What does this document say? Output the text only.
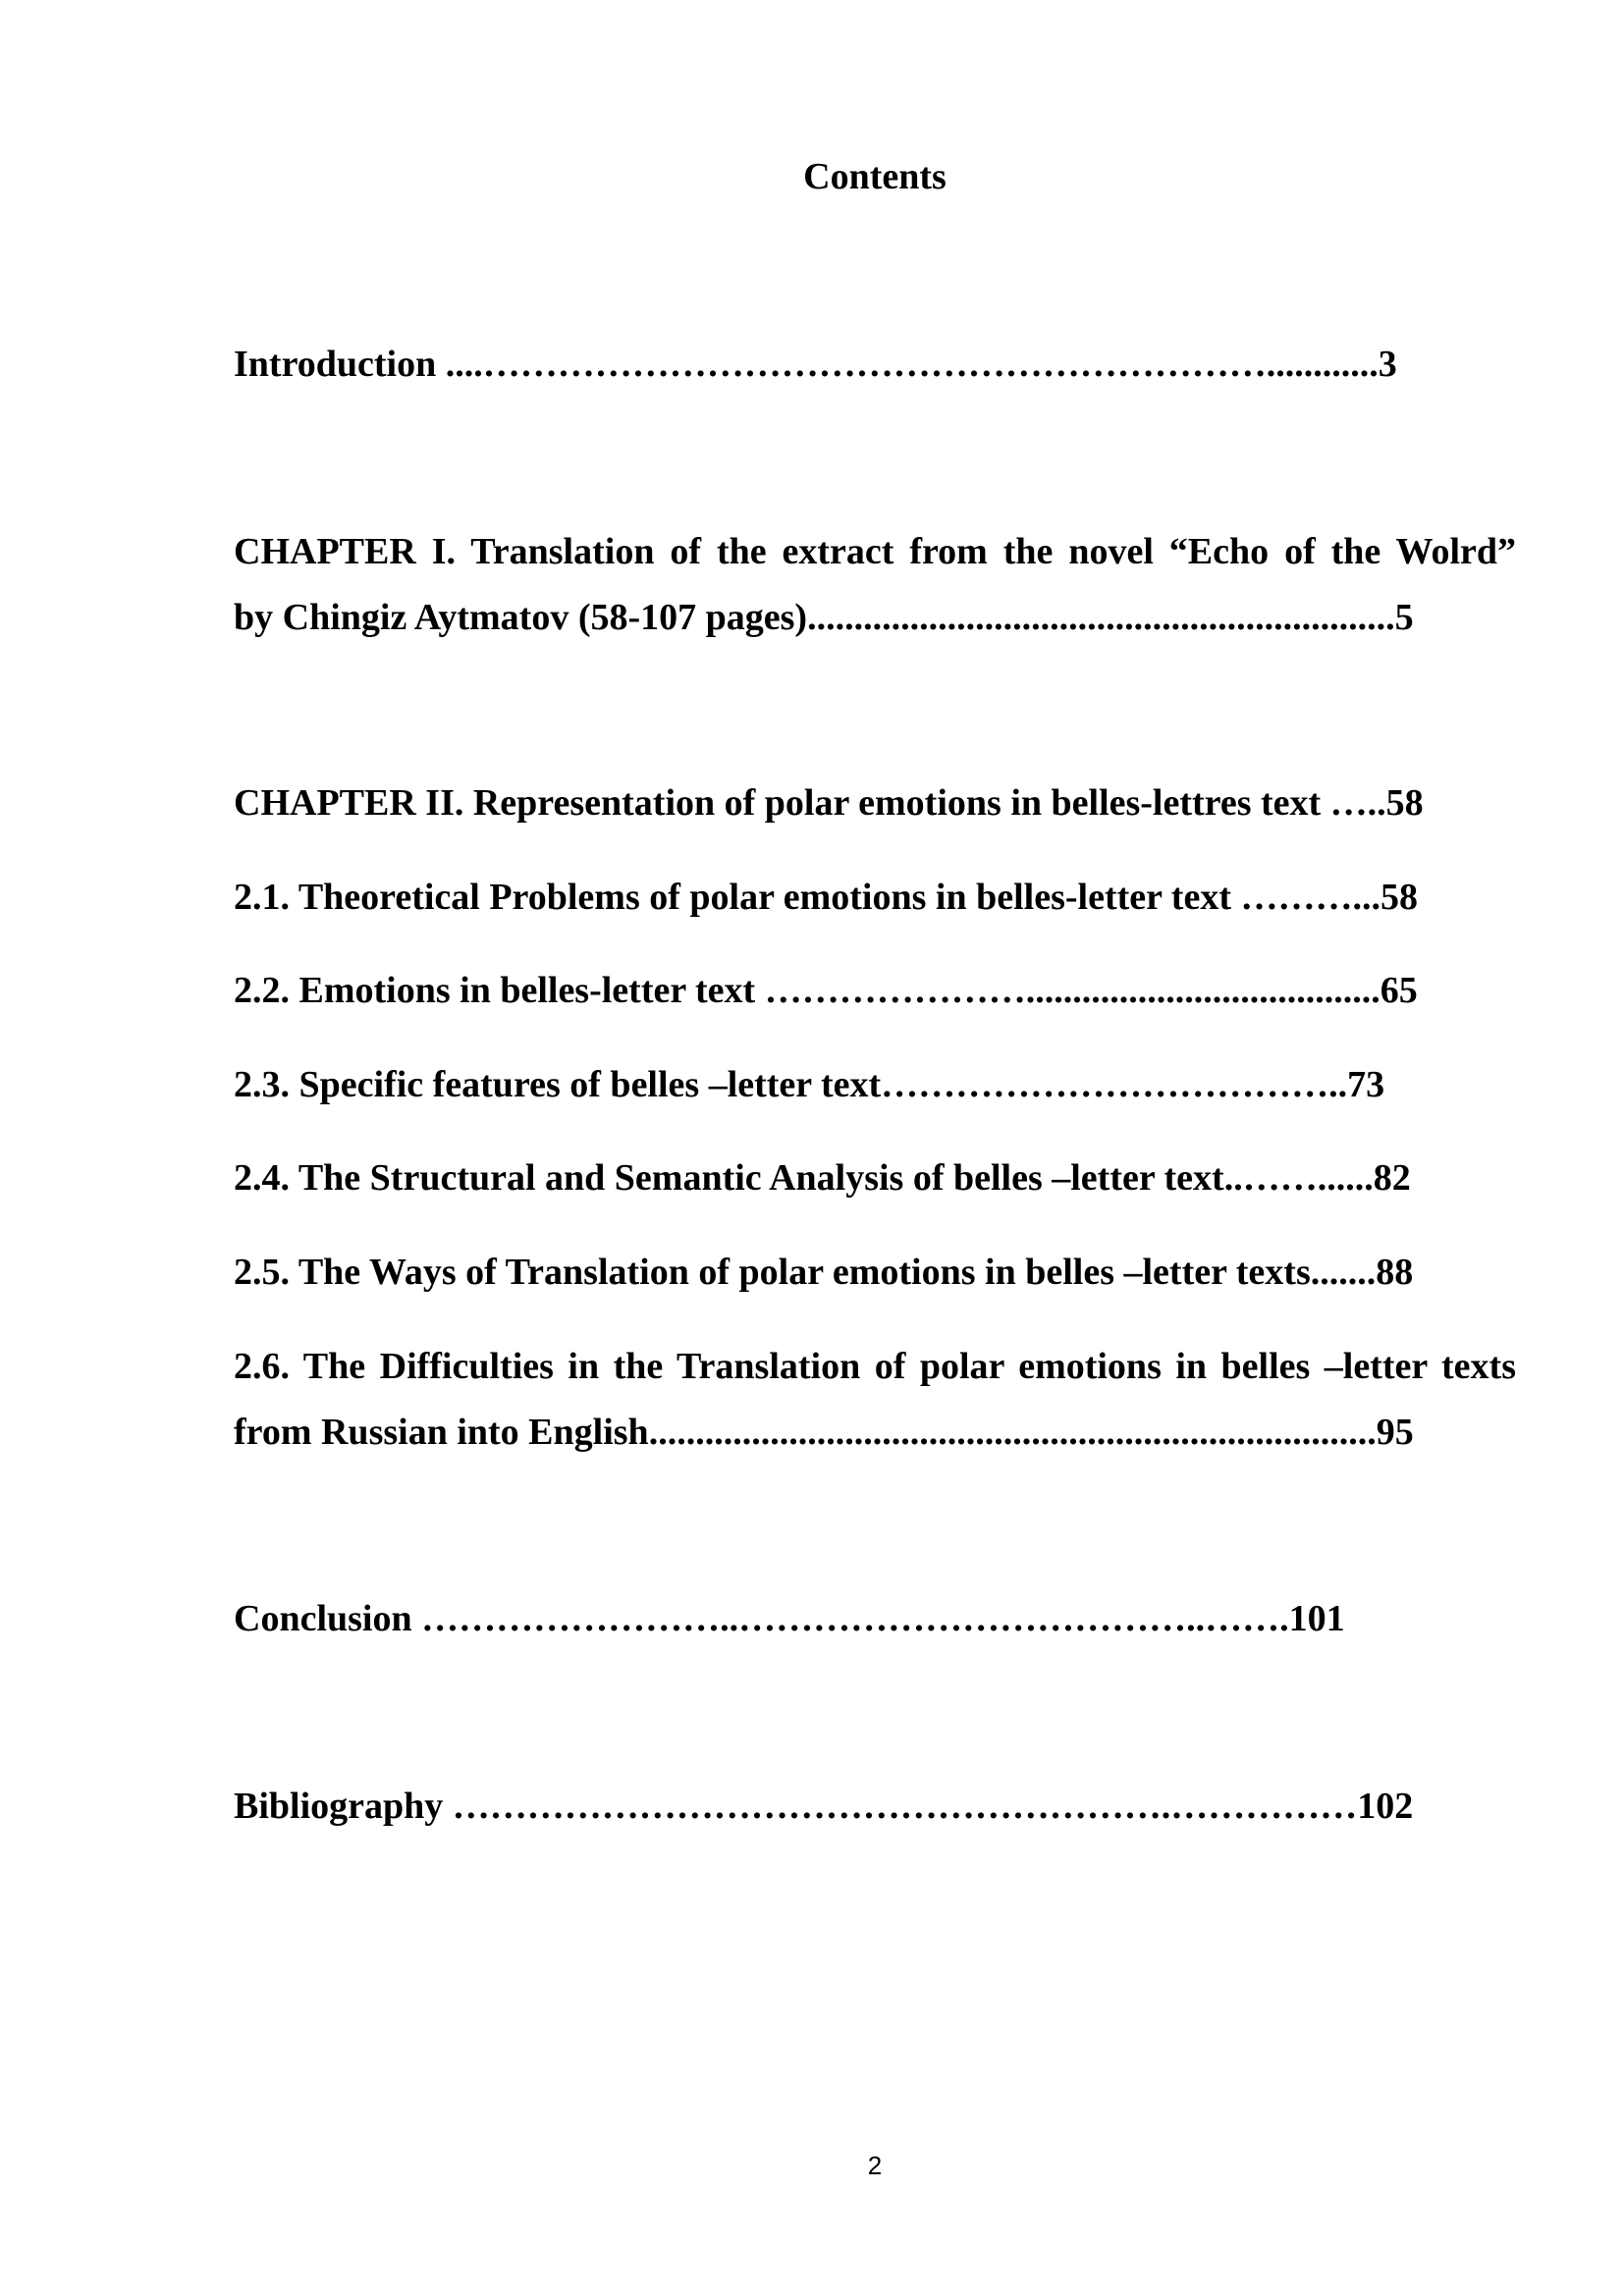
Contents
Introduction ....………………………………………………………............3
CHAPTER I. Translation of the extract from the novel “Echo of the Wolrd”
by Chingiz Aytmatov (58-107 pages)...............................................................5
CHAPTER II. Representation of polar emotions in belles-lettres text …..58
2.1. Theoretical Problems of polar emotions in belles-letter text ………...58
2.2. Emotions in belles-letter text …………………......................................65
2.3. Specific features of belles –letter text………………………………..73
2.4. The Structural and Semantic Analysis of belles –letter text..……......82
2.5. The Ways of Translation of polar emotions in belles –letter texts.......88
2.6. The Difficulties in the Translation of polar emotions in belles –letter texts
from Russian into English..............................................................................95
Conclusion ……………………..………………………………..…….101
Bibliography ………………………………………………….……………102
2
